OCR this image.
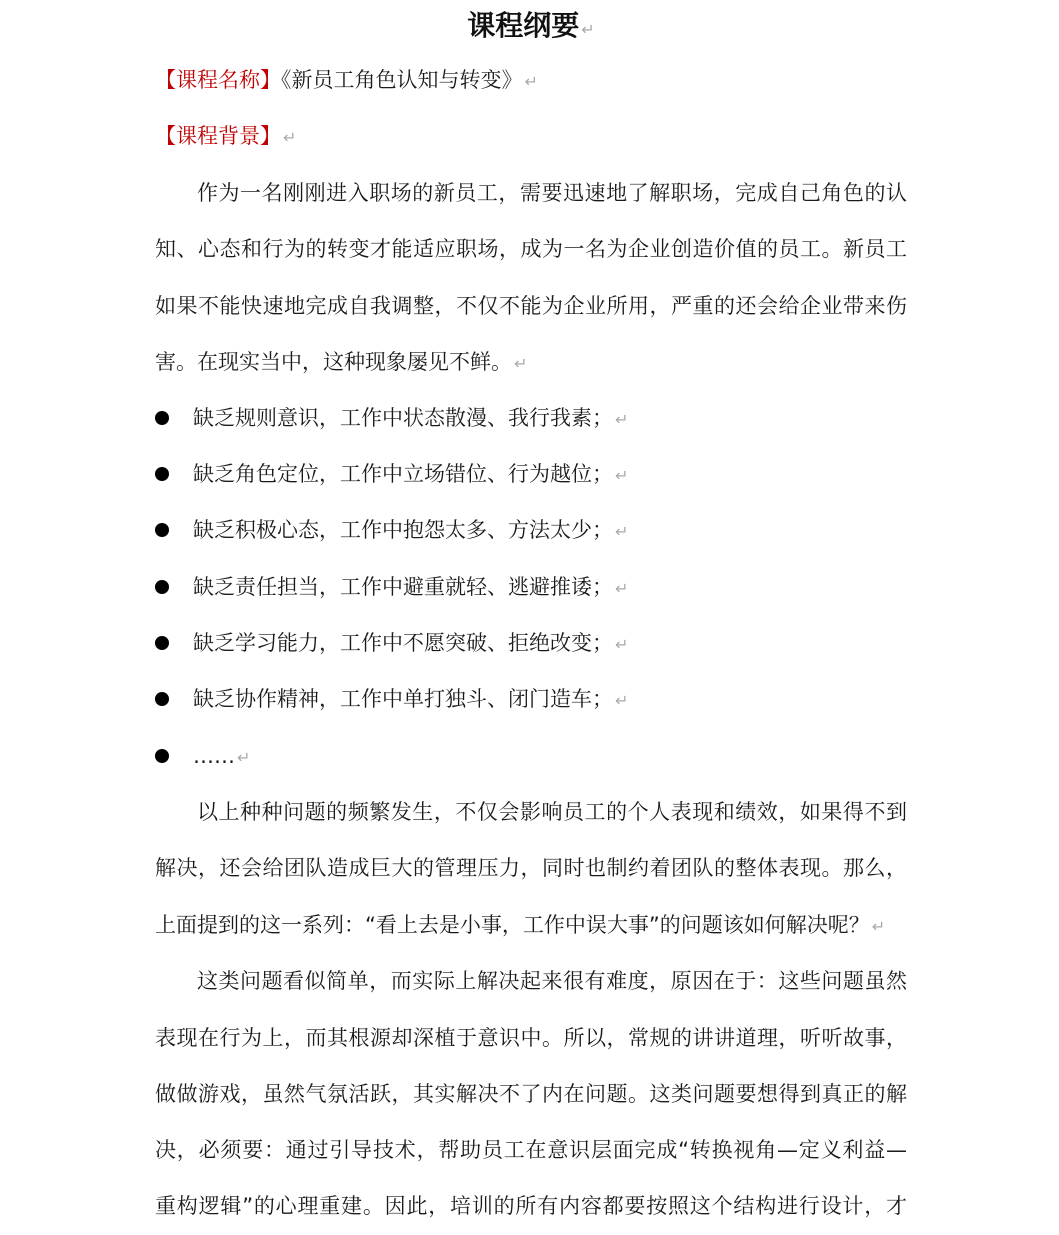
课程纲要 ↵
【课程名称】《新员工角色认知与转变》 ↵
【课程背景】 ↵
作为一名刚刚进入职场的新员工，需要迅速地了解职场，完成自己角色的认
知、心态和行为的转变才能适应职场，成为一名为企业创造价值的员工。新员工
如果不能快速地完成自我调整，不仅不能为企业所用，严重的还会给企业带来伤
害。在现实当中，这种现象屡见不鲜。 ↵
缺乏规则意识，工作中状态散漫、我行我素； ↵
缺乏角色定位，工作中立场错位、行为越位； ↵
缺乏积极心态，工作中抱怨太多、方法太少； ↵
缺乏责任担当，工作中避重就轻、逃避推诿； ↵
缺乏学习能力，工作中不愿突破、拒绝改变； ↵
缺乏协作精神，工作中单打独斗、闭门造车； ↵
…… ↵
以上种种问题的频繁发生，不仅会影响员工的个人表现和绩效，如果得不到
解决，还会给团队造成巨大的管理压力，同时也制约着团队的整体表现。那么，
上面提到的这一系列：“看上去是小事，工作中误大事”的问题该如何解决呢？ ↵
这类问题看似简单，而实际上解决起来很有难度，原因在于：这些问题虽然
表现在行为上，而其根源却深植于意识中。所以，常规的讲讲道理，听听故事，
做做游戏，虽然气氛活跃，其实解决不了内在问题。这类问题要想得到真正的解
决，必须要：通过引导技术，帮助员工在意识层面完成“转换视角—定义利益—
重构逻辑”的心理重建。因此，培训的所有内容都要按照这个结构进行设计，才
